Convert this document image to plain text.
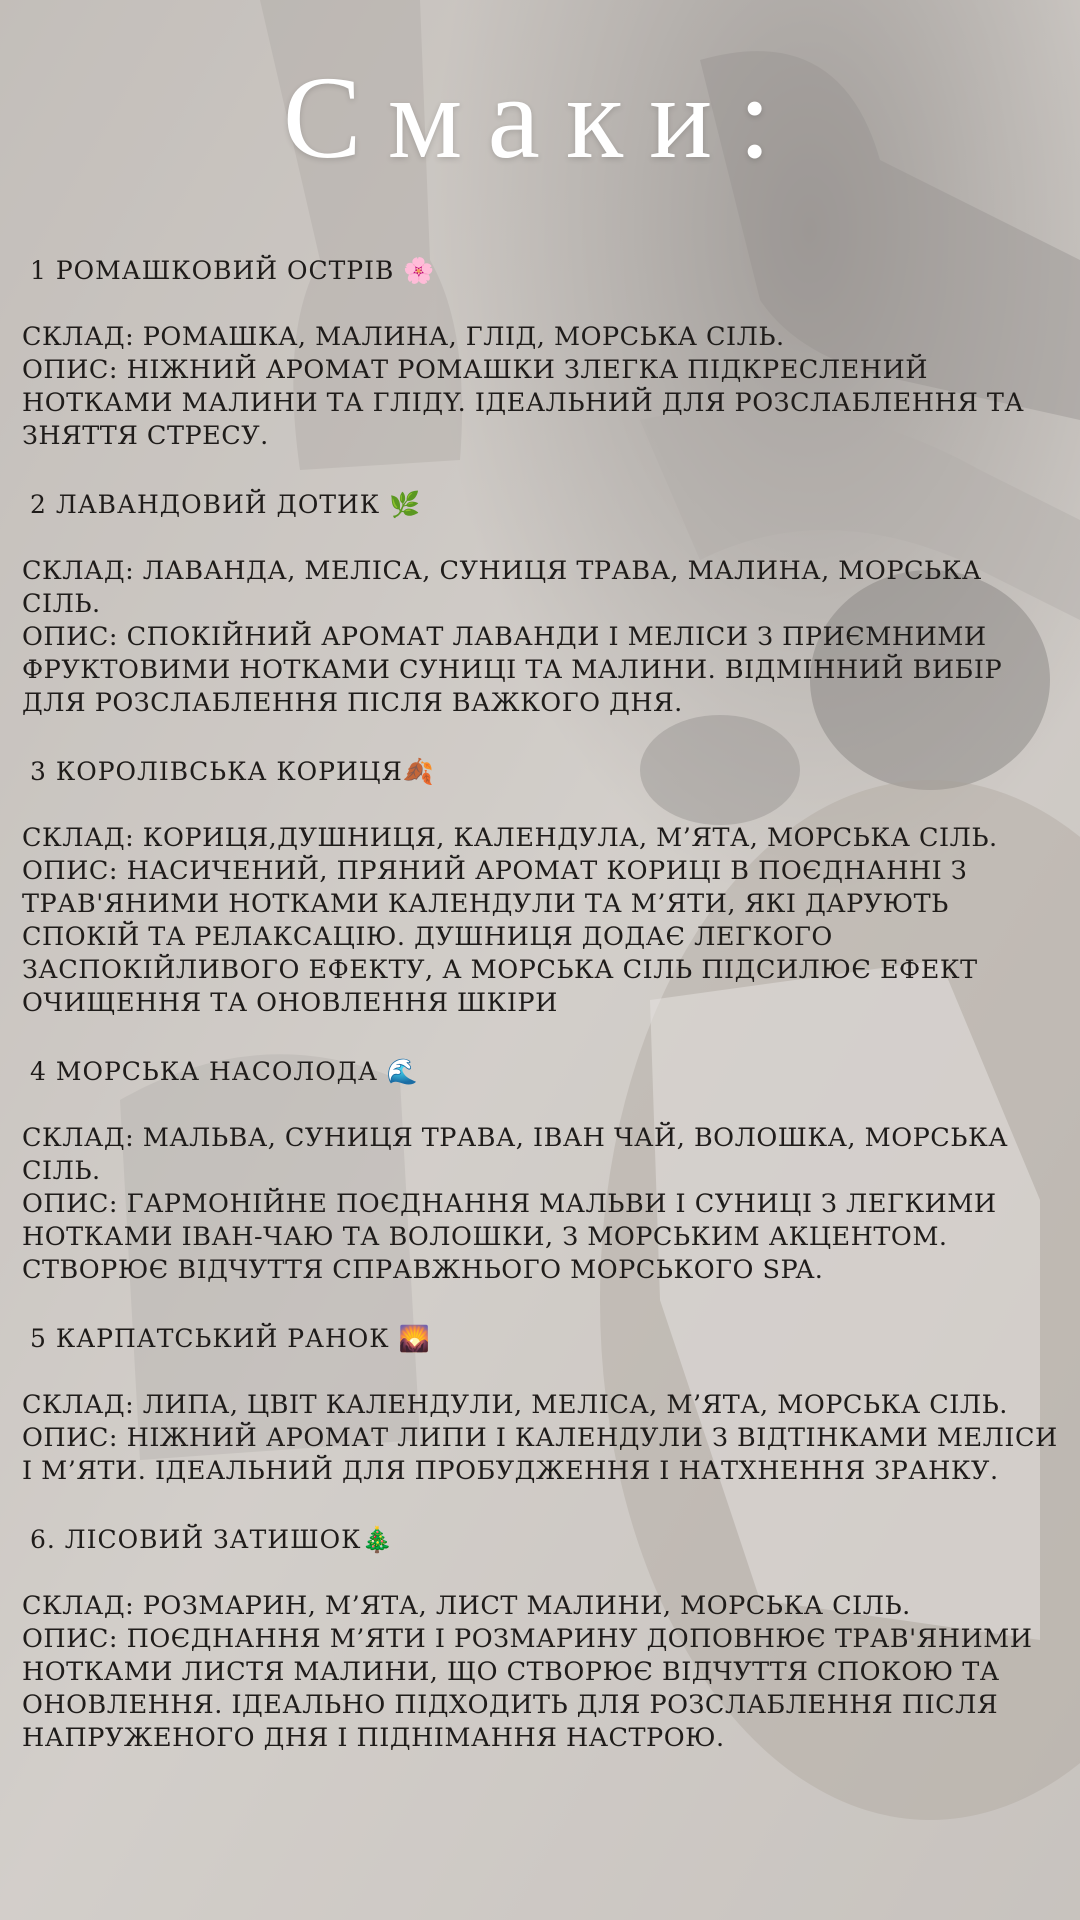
Смаки:
1 РОМАШКОВИЙ ОСТРІВ 🌸
СКЛАД: РОМАШКА, МАЛИНА, ГЛІД, МОРСЬКА СІЛЬ.
ОПИС: НІЖНИЙ АРОМАТ РОМАШКИ ЗЛЕГКА ПІДКРЕСЛЕНИЙ НОТКАМИ МАЛИНИ ТА ГЛІДY. ІДЕАЛЬНИЙ ДЛЯ РОЗСЛАБЛЕННЯ ТА ЗНЯТТЯ СТРЕСУ.
2 ЛАВАНДОВИЙ ДОТИК 🌿
СКЛАД: ЛАВАНДА, МЕЛІСА, СУНИЦЯ ТРАВА, МАЛИНА, МОРСЬКА СІЛЬ.
ОПИС: СПОКІЙНИЙ АРОМАТ ЛАВАНДИ І МЕЛІСИ З ПРИЄМНИМИ ФРУКТОВИМИ НОТКАМИ СУНИЦІ ТА МАЛИНИ. ВІДМІННИЙ ВИБІР ДЛЯ РОЗСЛАБЛЕННЯ ПІСЛЯ ВАЖКОГО ДНЯ.
3 КОРОЛІВСЬКА КОРИЦЯ🍂
СКЛАД: КОРИЦЯ,ДУШНИЦЯ, КАЛЕНДУЛА, М’ЯТА, МОРСЬКА СІЛЬ.
ОПИС: НАСИЧЕНИЙ, ПРЯНИЙ АРОМАТ КОРИЦІ В ПОЄДНАННІ З ТРАВ'ЯНИМИ НОТКАМИ КАЛЕНДУЛИ ТА М’ЯТИ, ЯКІ ДАРУЮТЬ СПОКІЙ ТА РЕЛАКСАЦІЮ. ДУШНИЦЯ ДОДАЄ ЛЕГКОГО ЗАСПОКІЙЛИВОГО ЕФЕКТУ, А МОРСЬКА СІЛЬ ПІДСИЛЮЄ ЕФЕКТ ОЧИЩЕННЯ ТА ОНОВЛЕННЯ ШКІРИ
4 МОРСЬКА НАСОЛОДА 🌊
СКЛАД: МАЛЬВА, СУНИЦЯ ТРАВА, ІВАН ЧАЙ, ВОЛОШКА, МОРСЬКА СІЛЬ.
ОПИС: ГАРМОНІЙНЕ ПОЄДНАННЯ МАЛЬВИ І СУНИЦІ З ЛЕГКИМИ НОТКАМИ ІВАН-ЧАЮ ТА ВОЛОШКИ, З МОРСЬКИМ АКЦЕНТОМ. СТВОРЮЄ ВІДЧУТТЯ СПРАВЖНЬОГО МОРСЬКОГО SPA.
5 КАРПАТСЬКИЙ РАНОК 🌄
СКЛАД: ЛИПА, ЦВІТ КАЛЕНДУЛИ, МЕЛІСА, М’ЯТА, МОРСЬКА СІЛЬ.
ОПИС: НІЖНИЙ АРОМАТ ЛИПИ І КАЛЕНДУЛИ З ВІДТІНКАМИ МЕЛІСИ І М’ЯТИ. ІДЕАЛЬНИЙ ДЛЯ ПРОБУДЖЕННЯ І НАТХНЕННЯ ЗРАНКУ.
6. ЛІСОВИЙ ЗАТИШОК🎄
СКЛАД: РОЗМАРИН, М’ЯТА, ЛИСТ МАЛИНИ, МОРСЬКА СІЛЬ.
ОПИС: ПОЄДНАННЯ М’ЯТИ І РОЗМАРИНУ ДОПОВНЮЄ ТРАВ'ЯНИМИ НОТКАМИ ЛИСТЯ МАЛИНИ, ЩО СТВОРЮЄ ВІДЧУТТЯ СПОКОЮ ТА ОНОВЛЕННЯ. ІДЕАЛЬНО ПІДХОДИТЬ ДЛЯ РОЗСЛАБЛЕННЯ ПІСЛЯ НАПРУЖЕНОГО ДНЯ І ПІДНІМАННЯ НАСТРОЮ.
